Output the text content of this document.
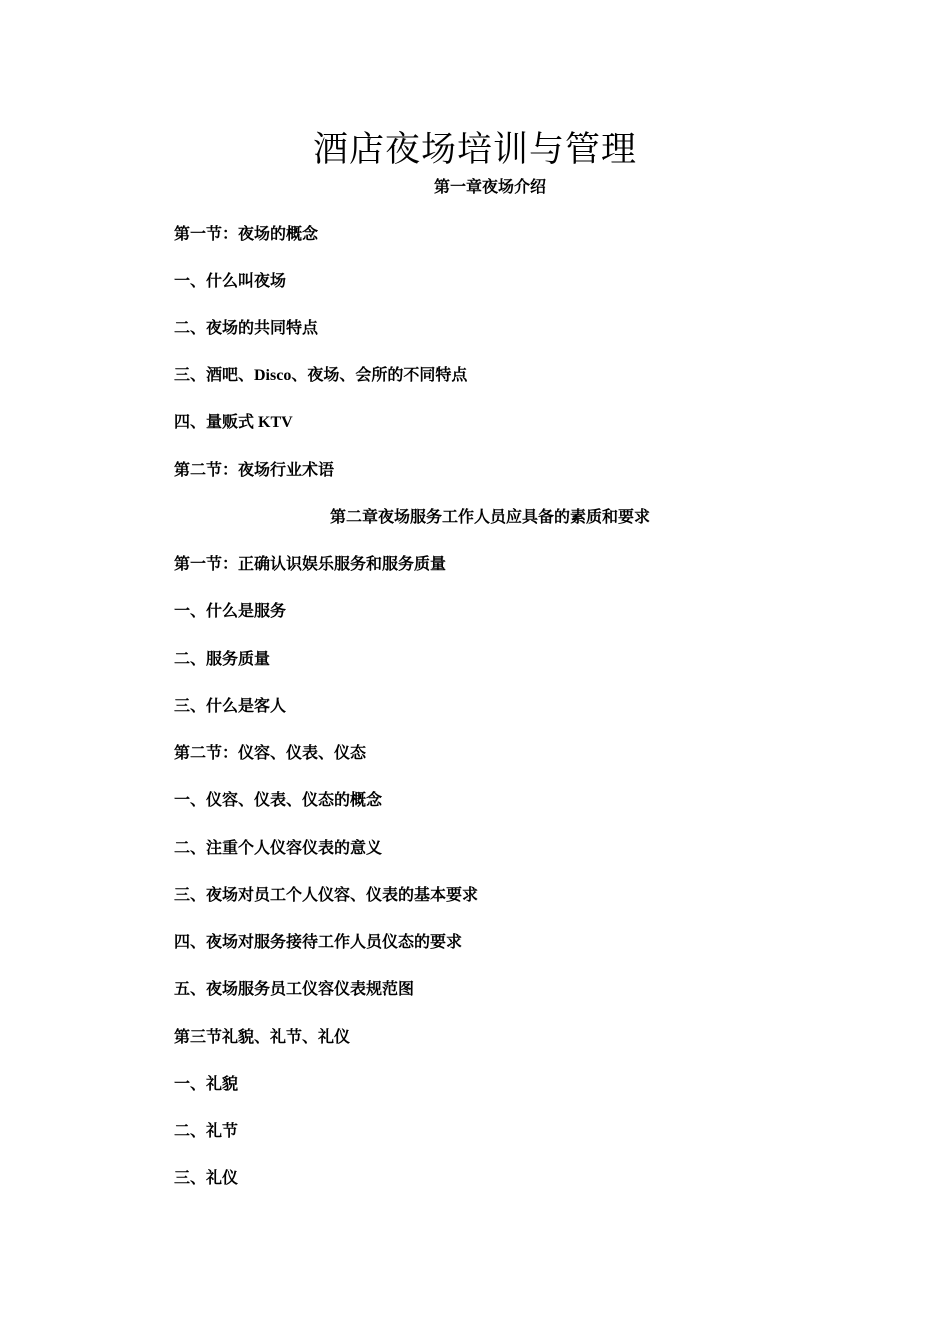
酒店夜场培训与管理
第一章夜场介绍
第一节：夜场的概念
一、什么叫夜场
二、夜场的共同特点
三、酒吧、Disco、夜场、会所的不同特点
四、量贩式 KTV
第二节：夜场行业术语
第二章夜场服务工作人员应具备的素质和要求
第一节：正确认识娱乐服务和服务质量
一、什么是服务
二、服务质量
三、什么是客人
第二节：仪容、仪表、仪态
一、仪容、仪表、仪态的概念
二、注重个人仪容仪表的意义
三、夜场对员工个人仪容、仪表的基本要求
四、夜场对服务接待工作人员仪态的要求
五、夜场服务员工仪容仪表规范图
第三节礼貌、礼节、礼仪
一、礼貌
二、礼节
三、礼仪
